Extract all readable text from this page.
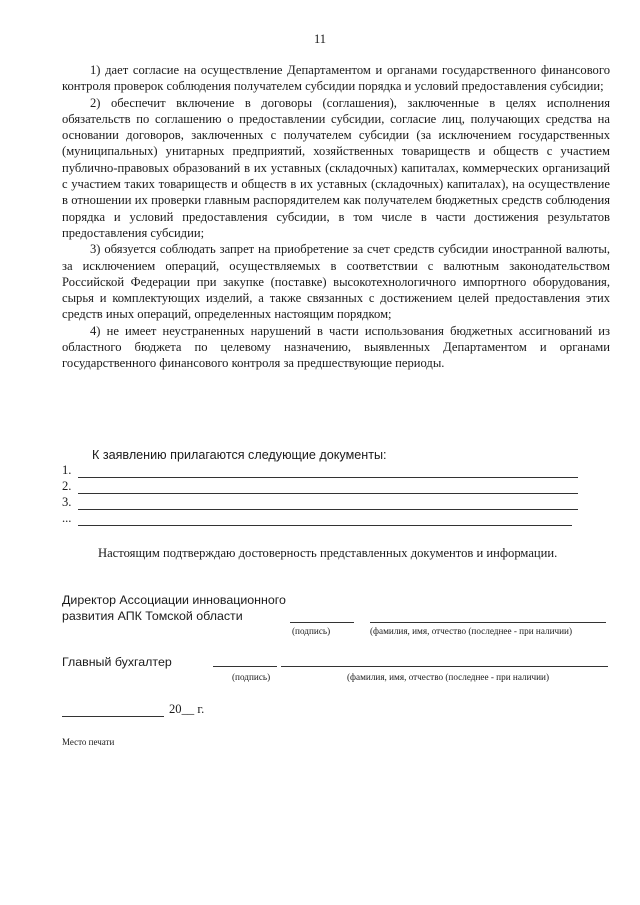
11

1) дает согласие на осуществление Департаментом и органами государственного финансового контроля проверок соблюдения получателем субсидии порядка и условий предоставления субсидии;

2) обеспечит включение в договоры (соглашения), заключенные в целях исполнения обязательств по соглашению о предоставлении субсидии, согласие лиц, получающих средства на основании договоров, заключенных с получателем субсидии (за исключением государственных (муниципальных) унитарных предприятий, хозяйственных товариществ и обществ с участием публично-правовых образований в их уставных (складочных) капиталах, коммерческих организаций с участием таких товариществ и обществ в их уставных (складочных) капиталах), на осуществление в отношении их проверки главным распорядителем как получателем бюджетных средств соблюдения порядка и условий предоставления субсидии, в том числе в части достижения результатов предоставления субсидии;

3) обязуется соблюдать запрет на приобретение за счет средств субсидии иностранной валюты, за исключением операций, осуществляемых в соответствии с валютным законодательством Российской Федерации при закупке (поставке) высокотехнологичного импортного оборудования, сырья и комплектующих изделий, а также связанных с достижением целей предоставления этих средств иных операций, определенных настоящим порядком;

4) не имеет неустраненных нарушений в части использования бюджетных ассигнований из областного бюджета по целевому назначению, выявленных Департаментом и органами государственного финансового контроля за предшествующие периоды.

К заявлению прилагаются следующие документы:
1.
2.
3.
...
Настоящим подтверждаю достоверность представленных документов и информации.
Директор Ассоциации инновационного
развития АПК Томской области
(подпись)	(фамилия, имя, отчество (последнее - при наличии)
Главный бухгалтер
(подпись)	(фамилия, имя, отчество (последнее - при наличии)
20__ г.
Место печати
